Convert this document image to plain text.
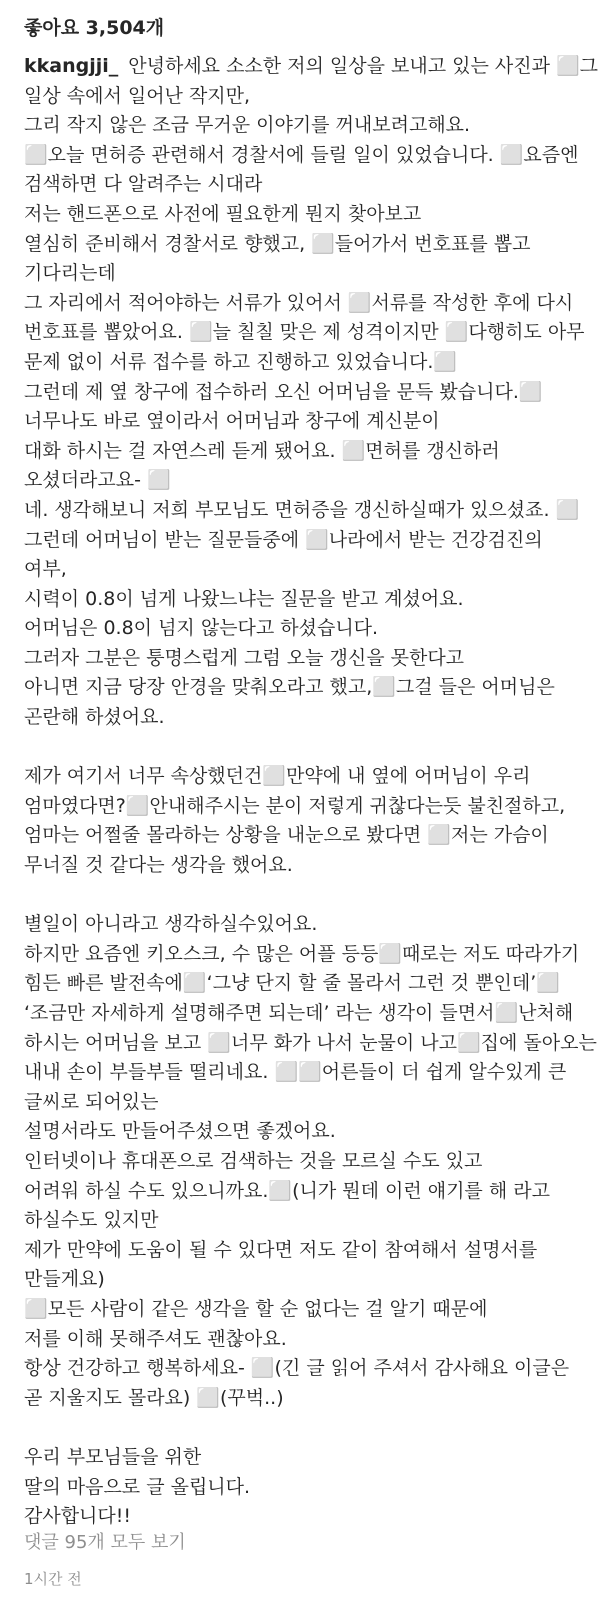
좋아요 3,504개
kkangjji_ 안녕하세요 소소한 저의 일상을 보내고 있는 사진과 ⬜그
일상 속에서 일어난 작지만,
그리 작지 않은 조금 무거운 이야기를 꺼내보려고해요.
⬜오늘 면허증 관련해서 경찰서에 들릴 일이 있었습니다. ⬜요즘엔
검색하면 다 알려주는 시대라
저는 핸드폰으로 사전에 필요한게 뭔지 찾아보고
열심히 준비해서 경찰서로 향했고, ⬜들어가서 번호표를 뽑고
기다리는데
그 자리에서 적어야하는 서류가 있어서 ⬜서류를 작성한 후에 다시
번호표를 뽑았어요. ⬜늘 칠칠 맞은 제 성격이지만 ⬜다행히도 아무
문제 없이 서류 접수를 하고 진행하고 있었습니다.⬜
그런데 제 옆 창구에 접수하러 오신 어머님을 문득 봤습니다.⬜
너무나도 바로 옆이라서 어머님과 창구에 계신분이
대화 하시는 걸 자연스레 듣게 됐어요. ⬜면허를 갱신하러
오셨더라고요- ⬜
네. 생각해보니 저희 부모님도 면허증을 갱신하실때가 있으셨죠. ⬜
그런데 어머님이 받는 질문들중에 ⬜나라에서 받는 건강검진의
여부,
시력이 0.8이 넘게 나왔느냐는 질문을 받고 계셨어요.
어머님은 0.8이 넘지 않는다고 하셨습니다.
그러자 그분은 퉁명스럽게 그럼 오늘 갱신을 못한다고
아니면 지금 당장 안경을 맞춰오라고 했고,⬜그걸 들은 어머님은
곤란해 하셨어요.
제가 여기서 너무 속상했던건⬜만약에 내 옆에 어머님이 우리
엄마였다면?⬜안내해주시는 분이 저렇게 귀찮다는듯 불친절하고,
엄마는 어쩔줄 몰라하는 상황을 내눈으로 봤다면 ⬜저는 가슴이
무너질 것 같다는 생각을 했어요.
별일이 아니라고 생각하실수있어요.
하지만 요즘엔 키오스크, 수 많은 어플 등등⬜때로는 저도 따라가기
힘든 빠른 발전속에⬜‘그냥 단지 할 줄 몰라서 그런 것 뿐인데’⬜
‘조금만 자세하게 설명해주면 되는데’ 라는 생각이 들면서⬜난처해
하시는 어머님을 보고 ⬜너무 화가 나서 눈물이 나고⬜집에 돌아오는
내내 손이 부들부들 떨리네요. ⬜⬜어른들이 더 쉽게 알수있게 큰
글씨로 되어있는
설명서라도 만들어주셨으면 좋겠어요.
인터넷이나 휴대폰으로 검색하는 것을 모르실 수도 있고
어려워 하실 수도 있으니까요.⬜(니가 뭔데 이런 얘기를 해 라고
하실수도 있지만
제가 만약에 도움이 될 수 있다면 저도 같이 참여해서 설명서를
만들게요)
⬜모든 사람이 같은 생각을 할 순 없다는 걸 알기 때문에
저를 이해 못해주셔도 괜찮아요.
항상 건강하고 행복하세요- ⬜(긴 글 읽어 주셔서 감사해요 이글은
곧 지울지도 몰라요) ⬜(꾸벅..)
우리 부모님들을 위한
딸의 마음으로 글 올립니다.
감사합니다!!
댓글 95개 모두 보기
1시간 전
